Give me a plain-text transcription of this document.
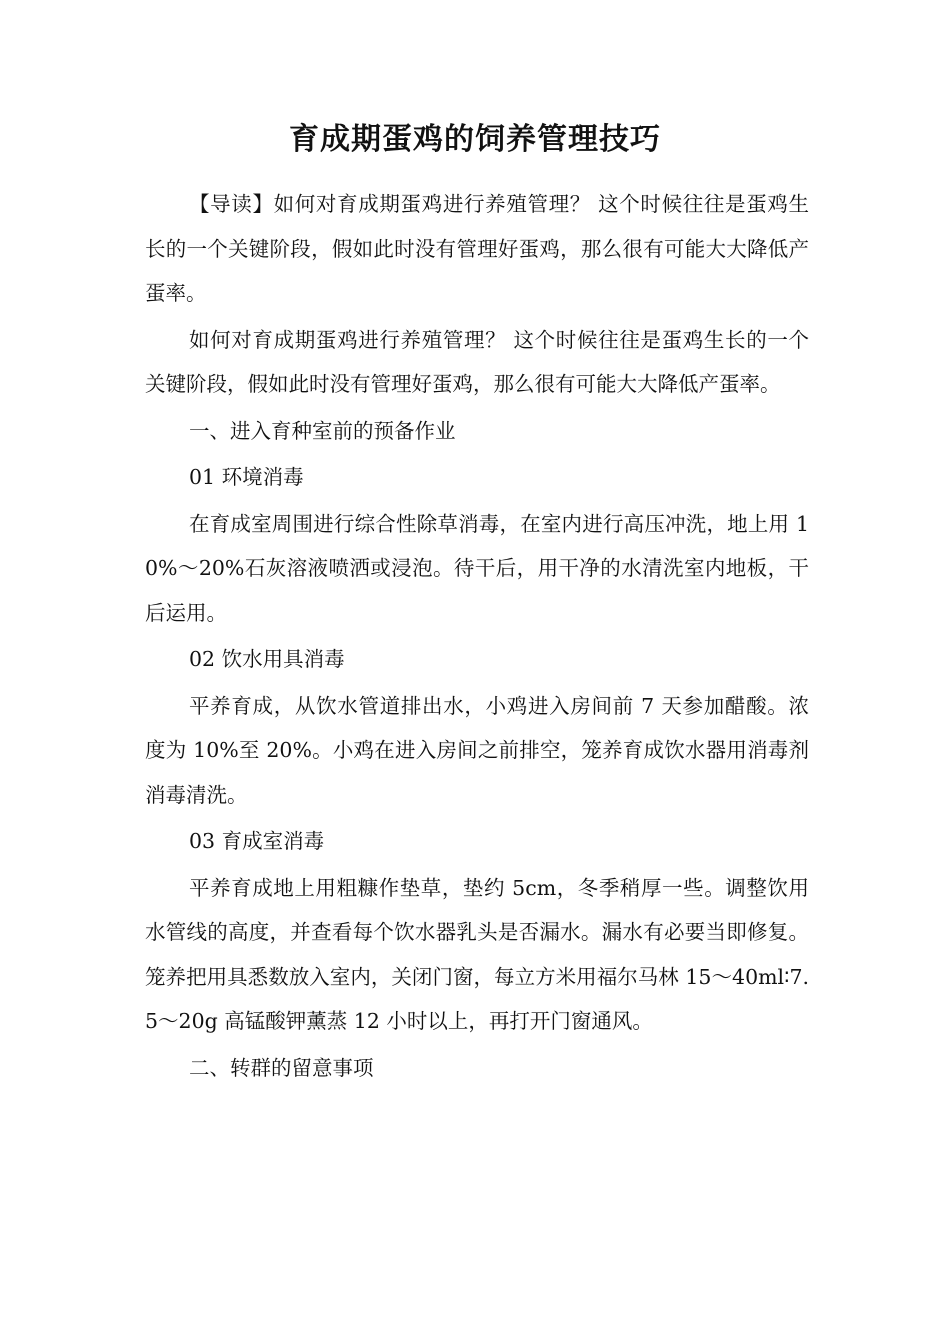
育成期蛋鸡的饲养管理技巧

【导读】如何对育成期蛋鸡进行养殖管理？ 这个时候往往是蛋鸡生长的一个关键阶段，假如此时没有管理好蛋鸡，那么很有可能大大降低产蛋率。

如何对育成期蛋鸡进行养殖管理？ 这个时候往往是蛋鸡生长的一个关键阶段，假如此时没有管理好蛋鸡，那么很有可能大大降低产蛋率。

一、进入育种室前的预备作业

01 环境消毒

在育成室周围进行综合性除草消毒，在室内进行高压冲洗，地上用 10%～20%石灰溶液喷洒或浸泡。待干后，用干净的水清洗室内地板，干后运用。

02 饮水用具消毒

平养育成，从饮水管道排出水，小鸡进入房间前 7 天参加醋酸。浓度为 10%至 20%。小鸡在进入房间之前排空，笼养育成饮水器用消毒剂消毒清洗。

03 育成室消毒

平养育成地上用粗糠作垫草，垫约 5cm，冬季稍厚一些。调整饮用水管线的高度，并查看每个饮水器乳头是否漏水。漏水有必要当即修复。笼养把用具悉数放入室内，关闭门窗，每立方米用福尔马林 15～40ml∶7.5～20g 高锰酸钾薰蒸 12 小时以上，再打开门窗通风。

二、转群的留意事项
